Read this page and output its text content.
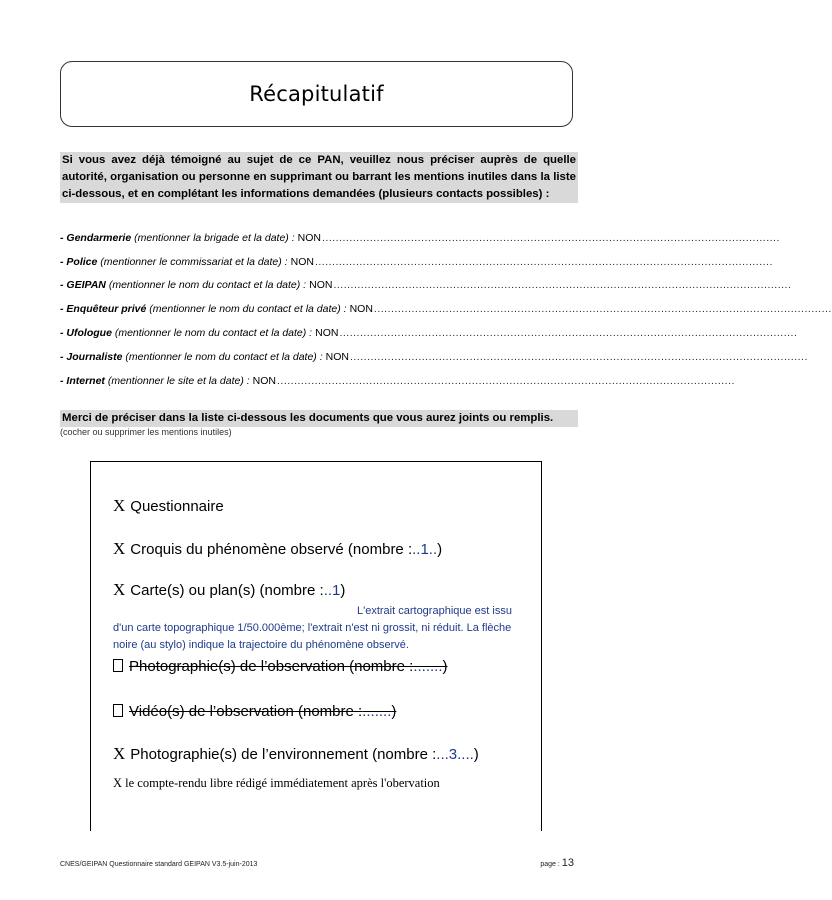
Récapitulatif
Si vous avez déjà témoigné au sujet de ce PAN, veuillez nous préciser auprès de quelle autorité, organisation ou personne en supprimant ou barrant les mentions inutiles dans la liste ci-dessous, et en complétant les informations demandées (plusieurs contacts possibles) :
- Gendarmerie (mentionner la brigade et la date) : NON ......................................................................................................................................
- Police (mentionner le commissariat et la date) : NON ......................................................................................................................................
- GEIPAN (mentionner le nom du contact et la date) : NON ......................................................................................................................................
- Enquêteur privé (mentionner le nom du contact et la date) : NON ......................................................................................................................................
- Ufologue (mentionner le nom du contact et la date) : NON ......................................................................................................................................
- Journaliste (mentionner le nom du contact et la date) : NON ......................................................................................................................................
- Internet (mentionner le site et la date) : NON ......................................................................................................................................
Merci de préciser dans la liste ci-dessous les documents que vous aurez joints ou remplis.
(cocher ou supprimer les mentions inutiles)
X Questionnaire
X Croquis du phénomène observé (nombre :..1..)
X Carte(s) ou plan(s) (nombre :..1)
L'extrait cartographique est issu d'un carte topographique 1/50.000ème; l'extrait n'est ni grossit, ni réduit. La flèche noire (au stylo) indique la trajectoire du phénomène observé.
Photographie(s) de l’observation (nombre :.......)
Vidéo(s) de l’observation (nombre :.......)
X Photographie(s) de l’environnement (nombre :...3....)
X le compte-rendu libre rédigé immédiatement après l'obervation
CNES/GEIPAN Questionnaire standard GEIPAN V3.5-juin-2013	page : 13
